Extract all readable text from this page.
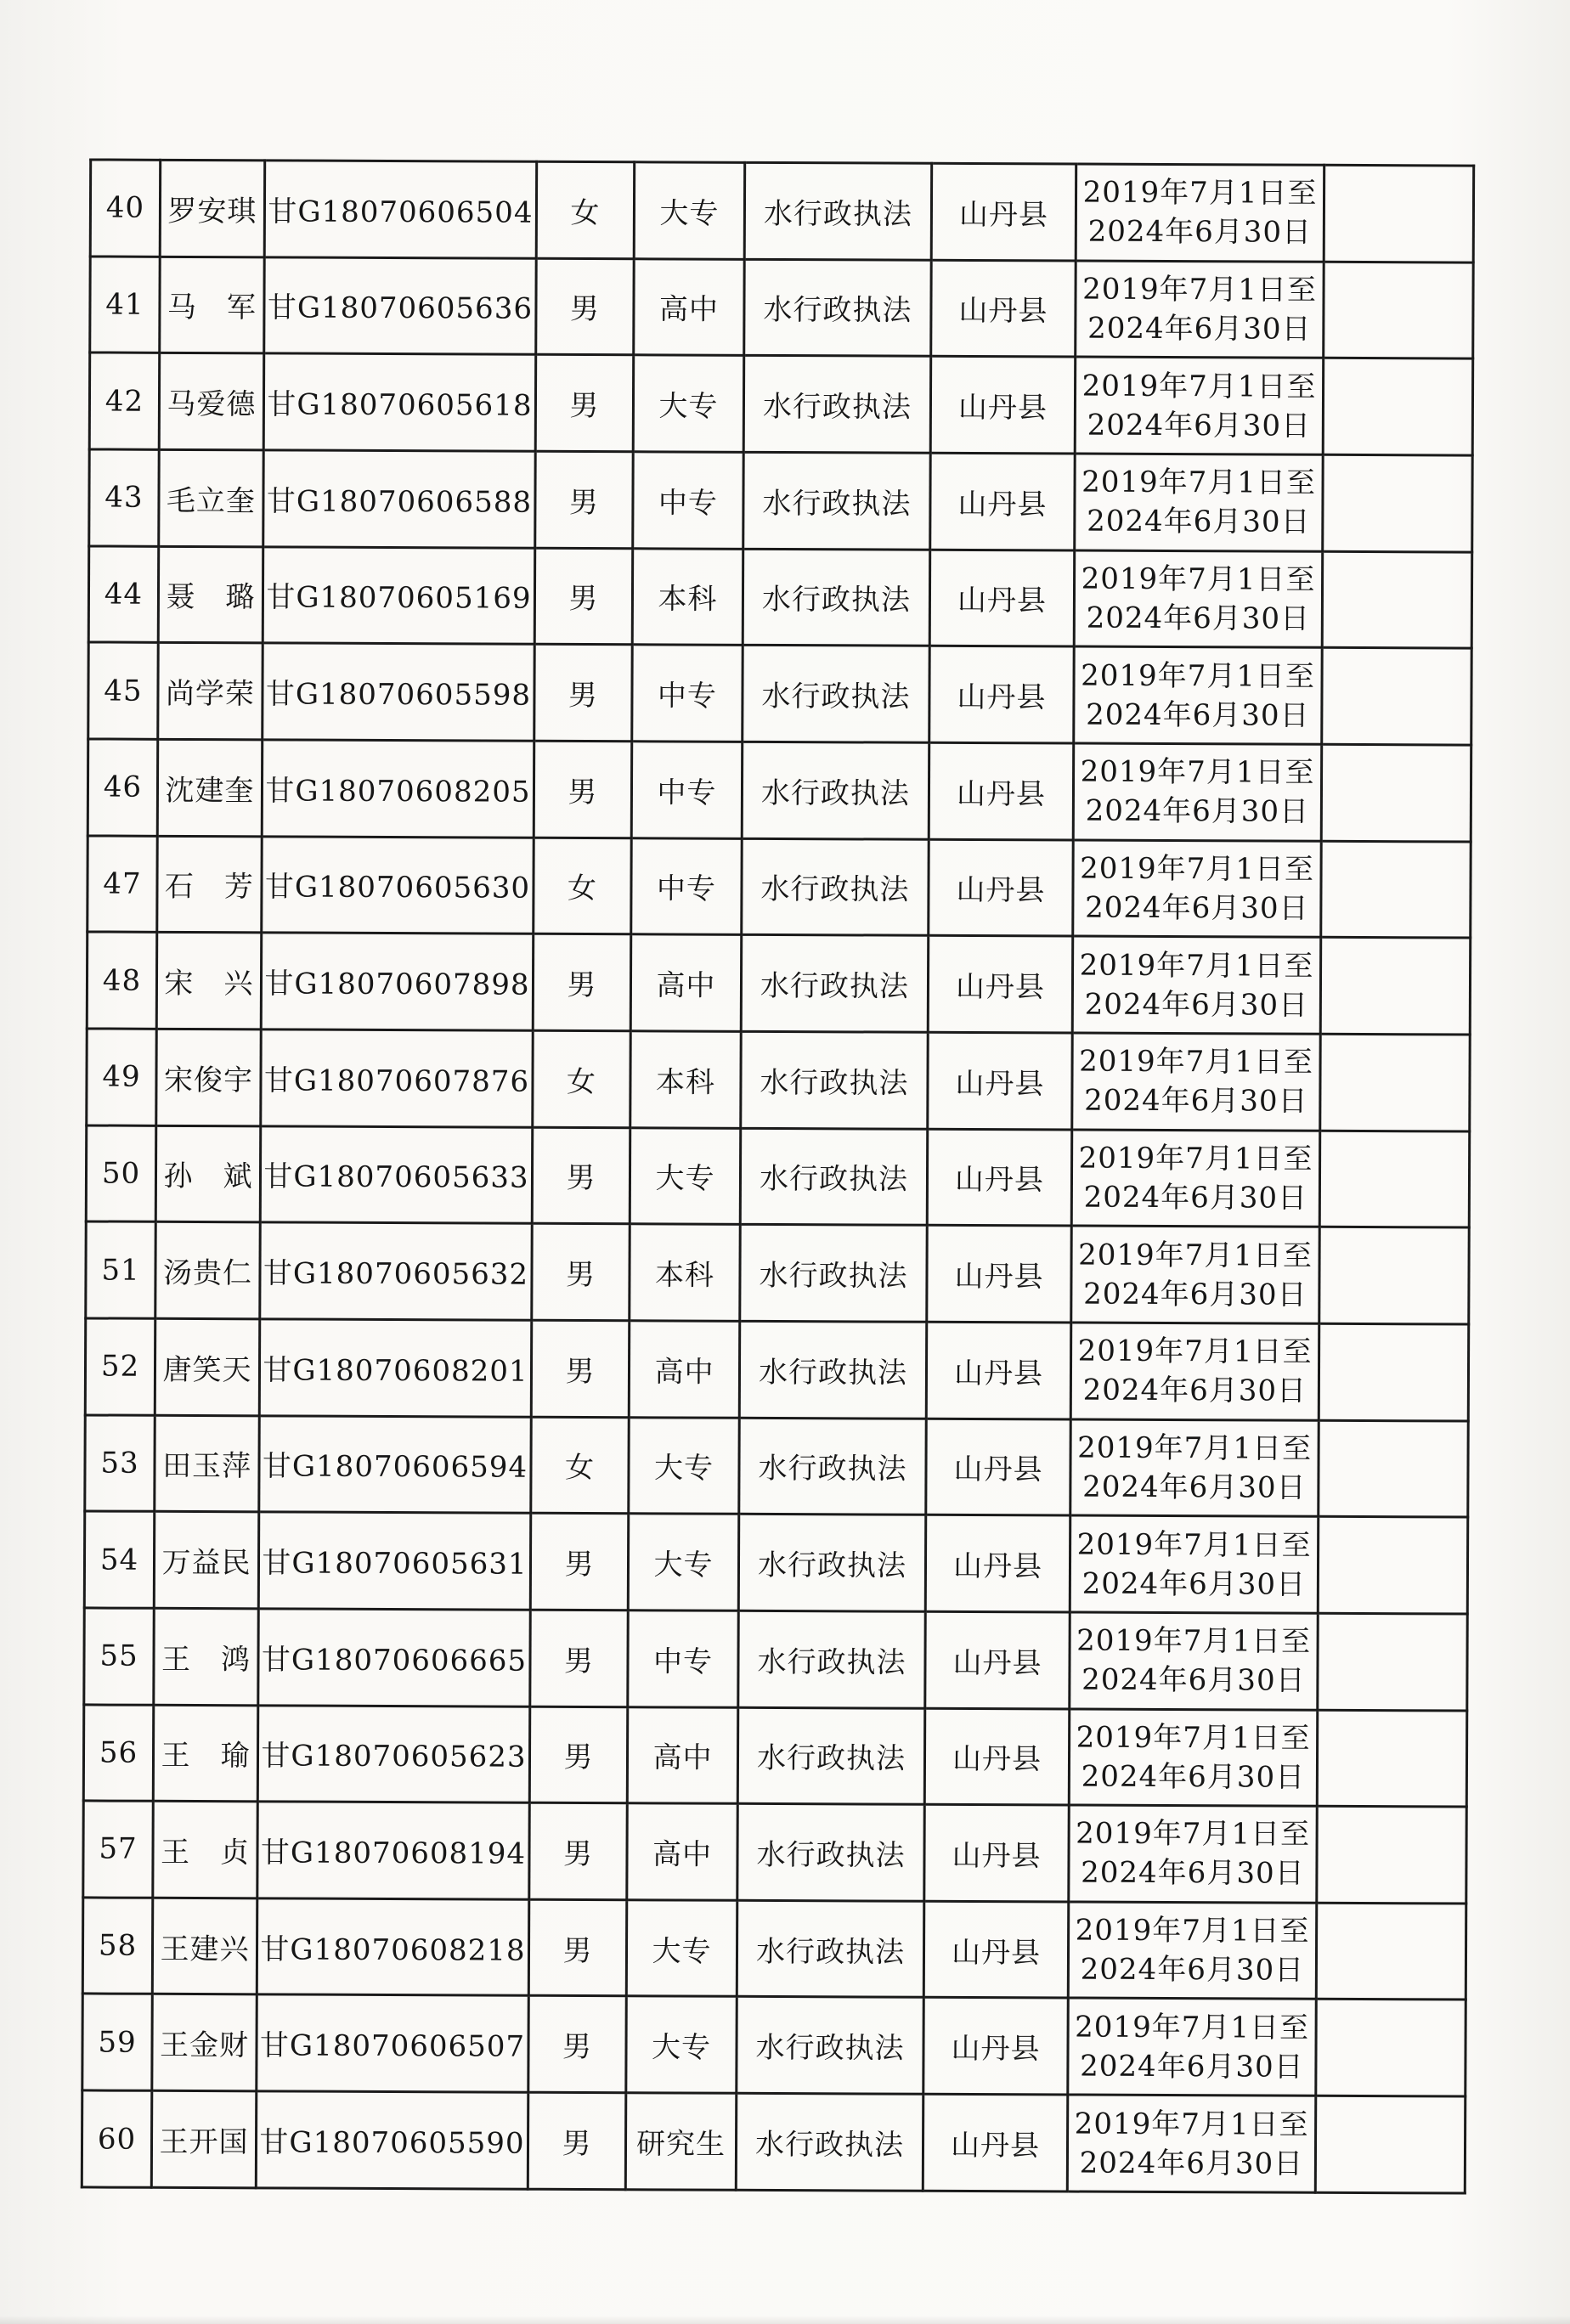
40	罗安琪	甘G18070606504	女	大专	水行政执法	山丹县	2019年7月1日至
2024年6月30日	

41	马　军	甘G18070605636	男	高中	水行政执法	山丹县	2019年7月1日至
2024年6月30日	

42	马爱德	甘G18070605618	男	大专	水行政执法	山丹县	2019年7月1日至
2024年6月30日	

43	毛立奎	甘G18070606588	男	中专	水行政执法	山丹县	2019年7月1日至
2024年6月30日	

44	聂　璐	甘G18070605169	男	本科	水行政执法	山丹县	2019年7月1日至
2024年6月30日	

45	尚学荣	甘G18070605598	男	中专	水行政执法	山丹县	2019年7月1日至
2024年6月30日	

46	沈建奎	甘G18070608205	男	中专	水行政执法	山丹县	2019年7月1日至
2024年6月30日	

47	石　芳	甘G18070605630	女	中专	水行政执法	山丹县	2019年7月1日至
2024年6月30日	

48	宋　兴	甘G18070607898	男	高中	水行政执法	山丹县	2019年7月1日至
2024年6月30日	

49	宋俊宇	甘G18070607876	女	本科	水行政执法	山丹县	2019年7月1日至
2024年6月30日	

50	孙　斌	甘G18070605633	男	大专	水行政执法	山丹县	2019年7月1日至
2024年6月30日	

51	汤贵仁	甘G18070605632	男	本科	水行政执法	山丹县	2019年7月1日至
2024年6月30日	

52	唐笑天	甘G18070608201	男	高中	水行政执法	山丹县	2019年7月1日至
2024年6月30日	

53	田玉萍	甘G18070606594	女	大专	水行政执法	山丹县	2019年7月1日至
2024年6月30日	

54	万益民	甘G18070605631	男	大专	水行政执法	山丹县	2019年7月1日至
2024年6月30日	

55	王　鸿	甘G18070606665	男	中专	水行政执法	山丹县	2019年7月1日至
2024年6月30日	

56	王　瑜	甘G18070605623	男	高中	水行政执法	山丹县	2019年7月1日至
2024年6月30日	

57	王　贞	甘G18070608194	男	高中	水行政执法	山丹县	2019年7月1日至
2024年6月30日	

58	王建兴	甘G18070608218	男	大专	水行政执法	山丹县	2019年7月1日至
2024年6月30日	

59	王金财	甘G18070606507	男	大专	水行政执法	山丹县	2019年7月1日至
2024年6月30日	

60	王开国	甘G18070605590	男	研究生	水行政执法	山丹县	2019年7月1日至
2024年6月30日	
